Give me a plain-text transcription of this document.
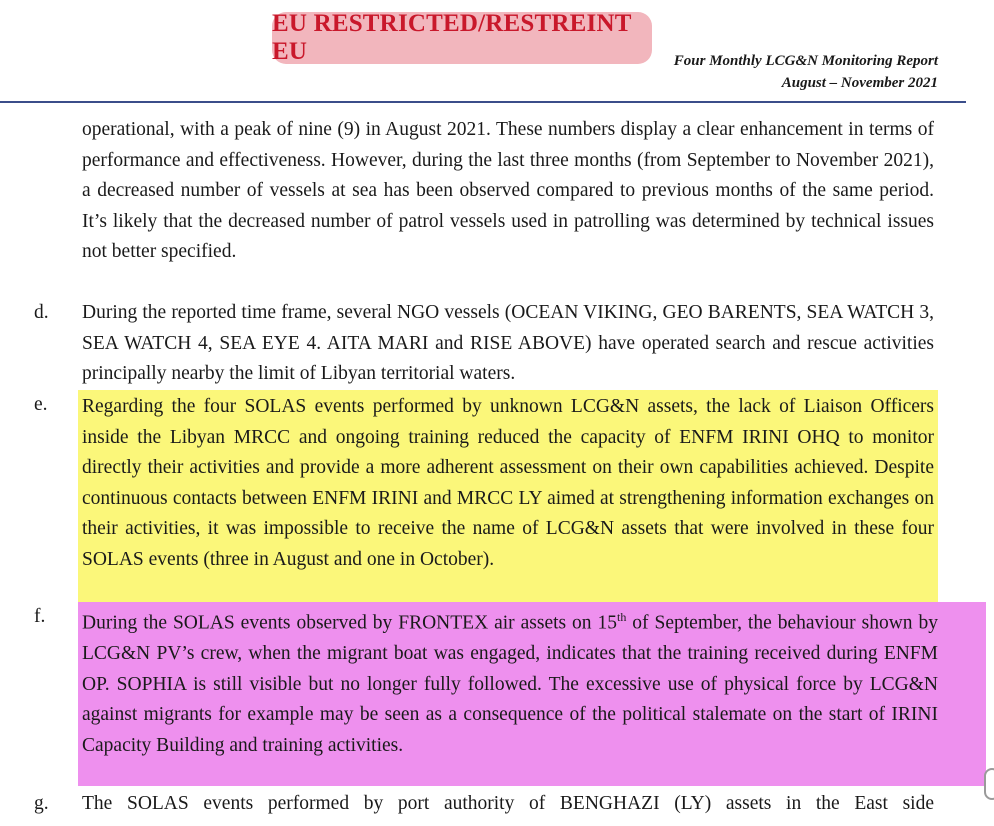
EU RESTRICTED/RESTREINT EU	Four Monthly LCG&N Monitoring Report
August – November 2021
operational, with a peak of nine (9) in August 2021. These numbers display a clear enhancement in terms of performance and effectiveness. However, during the last three months (from September to November 2021), a decreased number of vessels at sea has been observed compared to previous months of the same period. It’s likely that the decreased number of patrol vessels used in patrolling was determined by technical issues not better specified.
d. During the reported time frame, several NGO vessels (OCEAN VIKING, GEO BARENTS, SEA WATCH 3, SEA WATCH 4, SEA EYE 4. AITA MARI and RISE ABOVE) have operated search and rescue activities principally nearby the limit of Libyan territorial waters.
e. Regarding the four SOLAS events performed by unknown LCG&N assets, the lack of Liaison Officers inside the Libyan MRCC and ongoing training reduced the capacity of ENFM IRINI OHQ to monitor directly their activities and provide a more adherent assessment on their own capabilities achieved. Despite continuous contacts between ENFM IRINI and MRCC LY aimed at strengthening information exchanges on their activities, it was impossible to receive the name of LCG&N assets that were involved in these four SOLAS events (three in August and one in October).
f. During the SOLAS events observed by FRONTEX air assets on 15th of September, the behaviour shown by LCG&N PV’s crew, when the migrant boat was engaged, indicates that the training received during ENFM OP. SOPHIA is still visible but no longer fully followed. The excessive use of physical force by LCG&N against migrants for example may be seen as a consequence of the political stalemate on the start of IRINI Capacity Building and training activities.
g. The SOLAS events performed by port authority of BENGHAZI (LY) assets in the East side
